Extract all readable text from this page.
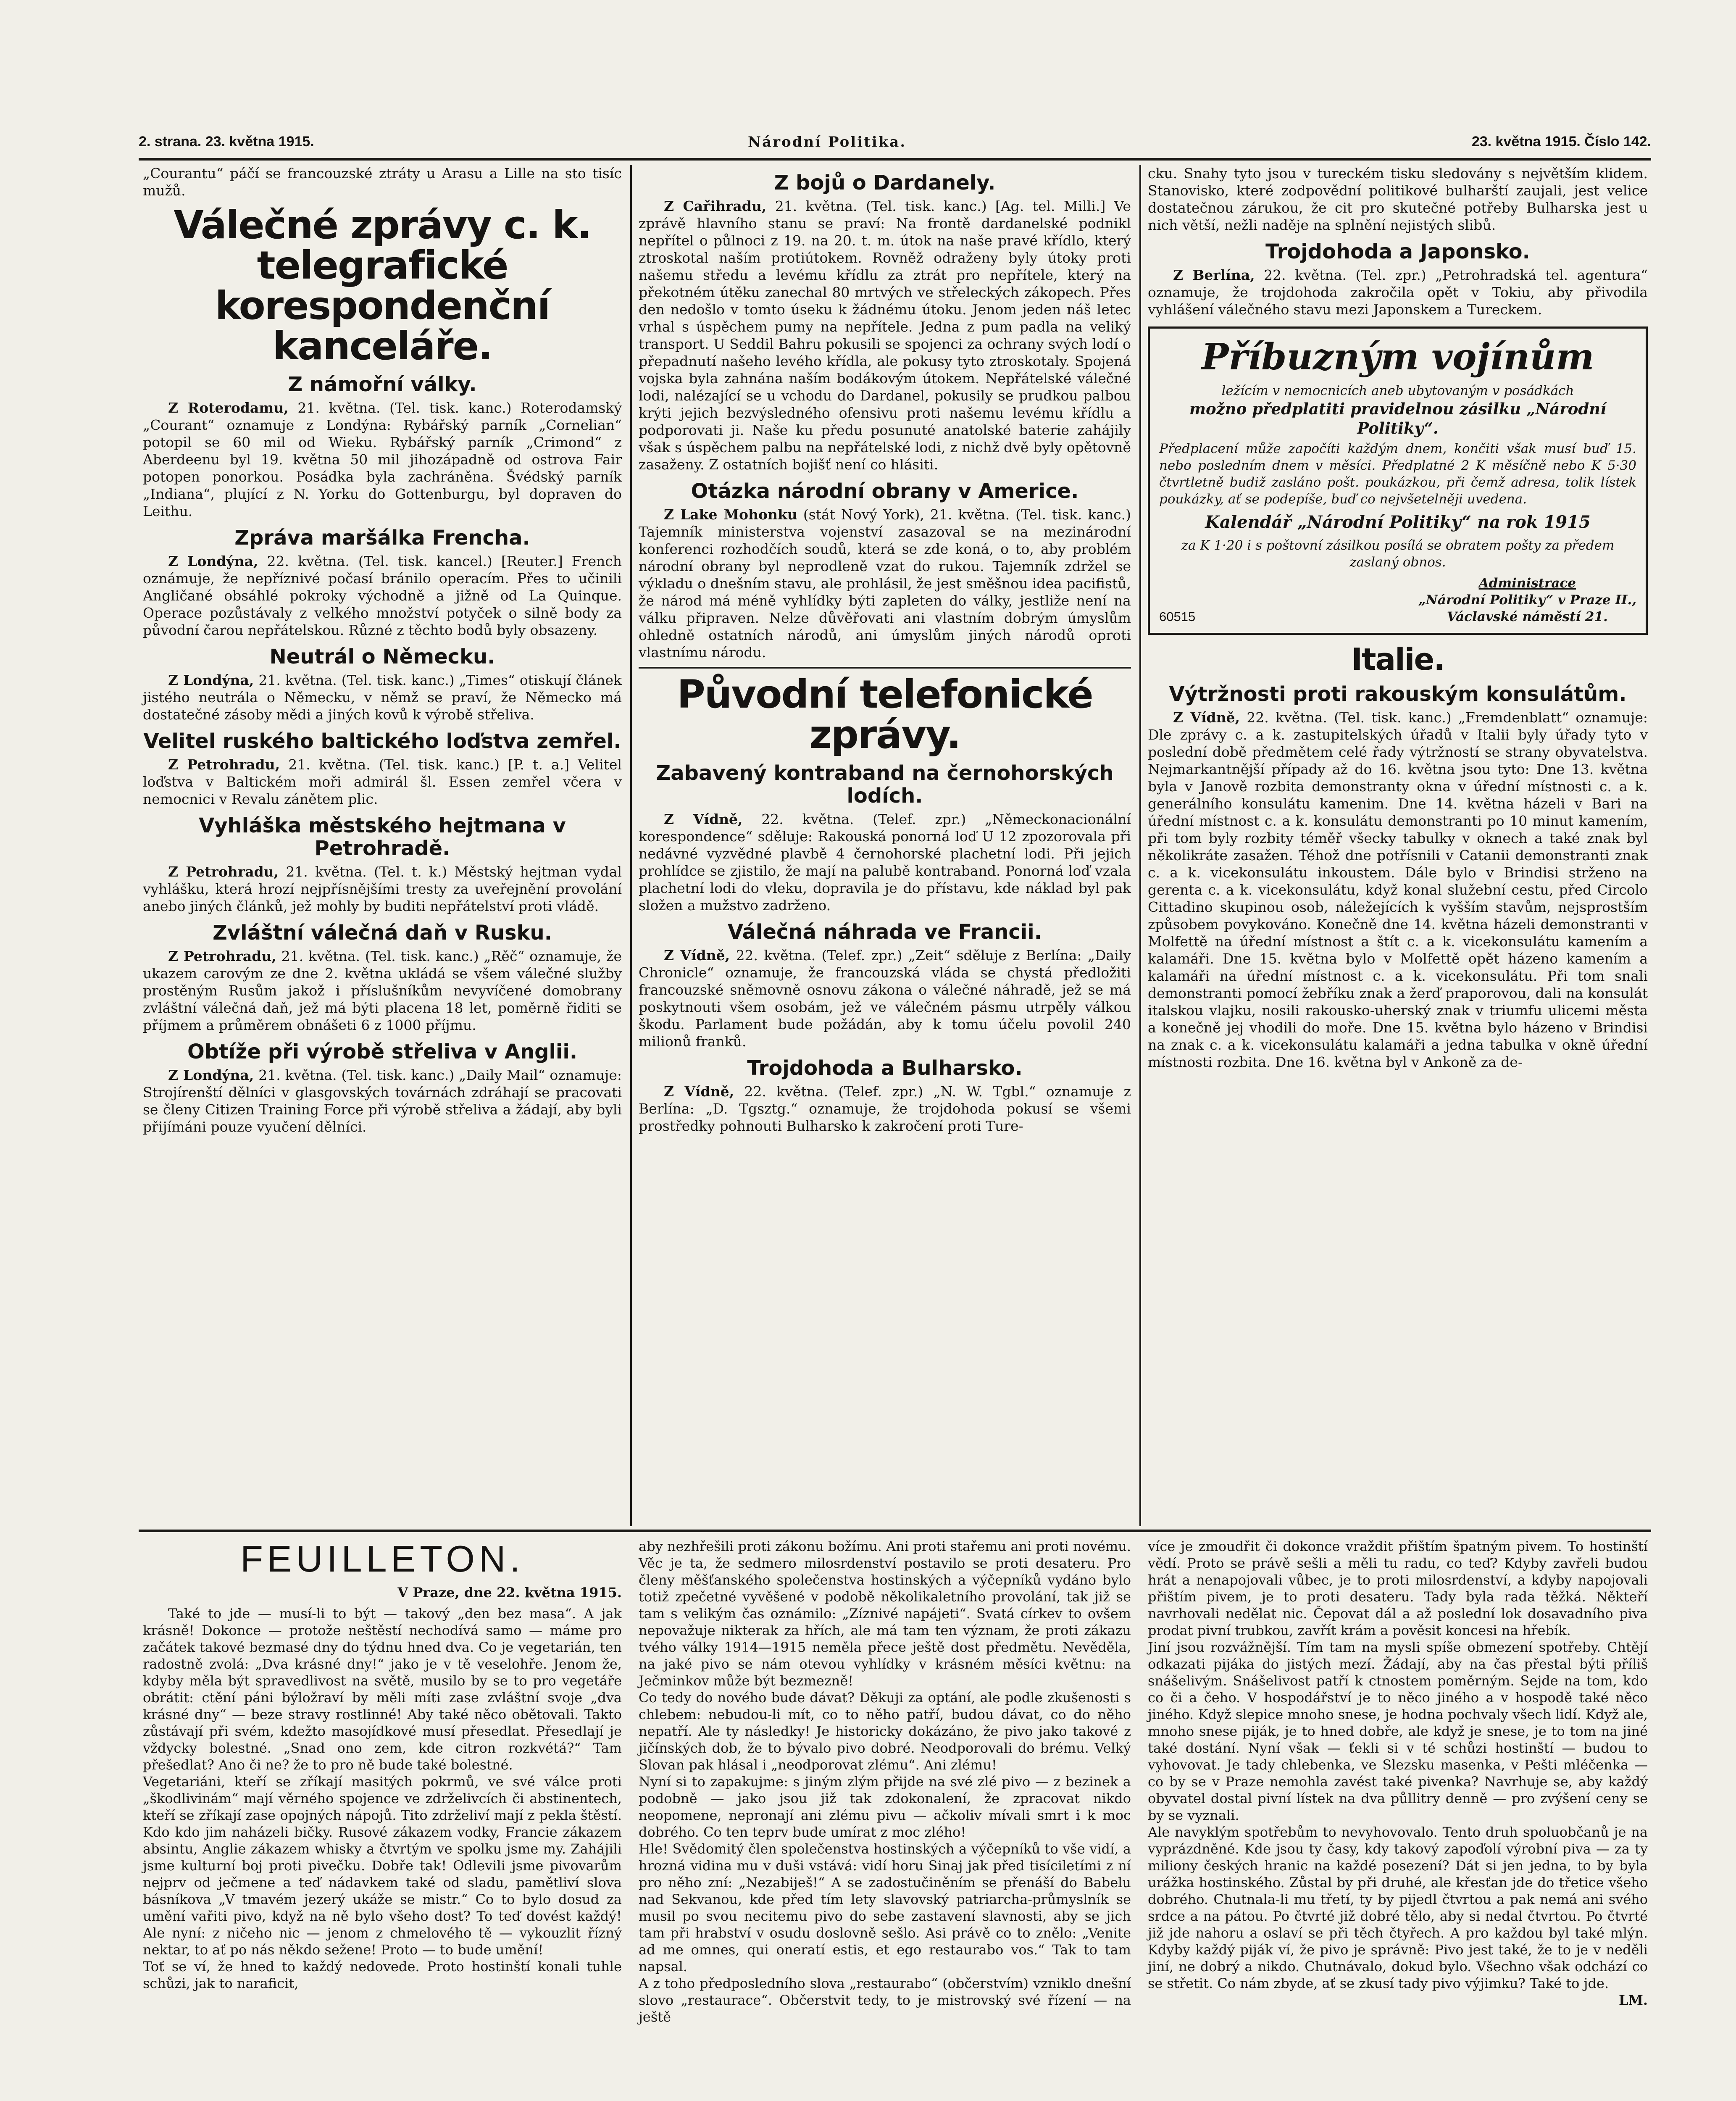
2. strana. 23. května 1915.	Národní Politika.	23. května 1915. Číslo 142.

„Courantu“ páčí se francouzské ztráty u Arasu a Lille na sto tisíc mužů.

Válečné zprávy c. k. telegrafické korespondenční kanceláře.
Z námořní války.

Z Roterodamu, 21. května. (Tel. tisk. kanc.) Roterodamský „Courant“ oznamuje z Londýna: Rybářský parník „Cornelian“ potopil se 60 mil od Wieku. Rybářský parník „Crimond“ z Aberdeenu byl 19. května 50 mil jihozápadně od ostrova Fair potopen ponorkou. Posádka byla zachráněna. Švédský parník „Indiana“, plující z N. Yorku do Gottenburgu, byl dopraven do Leithu.

Zpráva maršálka Frencha.

Z Londýna, 22. května. (Tel. tisk. kancel.) [Reuter.] French oznámuje, že nepříznivé počasí bránilo operacím. Přes to učinili Angličané obsáhlé pokroky východně a jižně od La Quinque. Operace pozůstávaly z velkého množství potyček o silně body za původní čarou nepřátelskou. Různé z těchto bodů byly obsazeny.

Neutrál o Německu.

Z Londýna, 21. května. (Tel. tisk. kanc.) „Times“ otiskují článek jistého neutrála o Německu, v němž se praví, že Německo má dostatečné zásoby mědi a jiných kovů k výrobě střeliva.

Velitel ruského baltického loďstva zemřel.

Z Petrohradu, 21. května. (Tel. tisk. kanc.) [P. t. a.] Velitel loďstva v Baltickém moři admirál šl. Essen zemřel včera v nemocnici v Revalu zánětem plic.

Vyhláška městského hejtmana v Petrohradě.

Z Petrohradu, 21. května. (Tel. t. k.) Městský hejtman vydal vyhlášku, která hrozí nejpřísnějšími tresty za uveřejnění provolání anebo jiných článků, jež mohly by buditi nepřátelství proti vládě.

Zvláštní válečná daň v Rusku.

Z Petrohradu, 21. května. (Tel. tisk. kanc.) „Rěč“ oznamuje, že ukazem carovým ze dne 2. května ukládá se všem válečné služby prostěným Rusům jakož i příslušníkům nevyvíčené domobrany zvláštní válečná daň, jež má býti placena 18 let, poměrně řiditi se příjmem a průměrem obnášeti 6 z 1000 příjmu.

Obtíže při výrobě střeliva v Anglii.

Z Londýna, 21. května. (Tel. tisk. kanc.) „Daily Mail“ oznamuje: Strojírenští dělníci v glasgovských továrnách zdráhají se pracovati se členy Citizen Training Force při výrobě střeliva a žádají, aby byli přijímáni pouze vyučení dělníci.

Z bojů o Dardanely.

Z Cařihradu, 21. května. (Tel. tisk. kanc.) [Ag. tel. Milli.] Ve zprávě hlavního stanu se praví: Na frontě dardanelské podnikl nepřítel o půlnoci z 19. na 20. t. m. útok na naše pravé křídlo, který ztroskotal naším protiútokem. Rovněž odraženy byly útoky proti našemu středu a levému křídlu za ztrát pro nepřítele, který na překotném útěku zanechal 80 mrtvých ve střeleckých zákopech. Přes den nedošlo v tomto úseku k žádnému útoku. Jenom jeden náš letec vrhal s úspěchem pumy na nepřítele. Jedna z pum padla na veliký transport. U Seddil Bahru pokusili se spojenci za ochrany svých lodí o přepadnutí našeho levého křídla, ale pokusy tyto ztroskotaly. Spojená vojska byla zahnána naším bodákovým útokem. Nepřátelské válečné lodi, nalézající se u vchodu do Dardanel, pokusily se prudkou palbou krýti jejich bezvýsledného ofensivu proti našemu levému křídlu a podporovati ji. Naše ku předu posunuté anatolské baterie zahájily však s úspěchem palbu na nepřátelské lodi, z nichž dvě byly opětovně zasaženy. Z ostatních bojišť není co hlásiti.

Otázka národní obrany v Americe.

Z Lake Mohonku (stát Nový York), 21. května. (Tel. tisk. kanc.) Tajemník ministerstva vojenství zasazoval se na mezinárodní konferenci rozhodčích soudů, která se zde koná, o to, aby problém národní obrany byl neprodleně vzat do rukou. Tajemník zdržel se výkladu o dnešním stavu, ale prohlásil, že jest směšnou idea pacifistů, že národ má méně vyhlídky býti zapleten do války, jestliže není na válku připraven. Nelze důvěřovati ani vlastním dobrým úmyslům ohledně ostatních národů, ani úmyslům jiných národů oproti vlastnímu národu.

Původní telefonické zprávy.
Zabavený kontraband na černohorských lodích.

Z Vídně, 22. května. (Telef. zpr.) „Německonacionální korespondence“ sděluje: Rakouská ponorná loď U 12 zpozorovala při nedávné vyzvědné plavbě 4 černohorské plachetní lodi. Při jejich prohlídce se zjistilo, že mají na palubě kontraband. Ponorná loď vzala plachetní lodi do vleku, dopravila je do přístavu, kde náklad byl pak složen a mužstvo zadrženo.

Válečná náhrada ve Francii.

Z Vídně, 22. května. (Telef. zpr.) „Zeit“ sděluje z Berlína: „Daily Chronicle“ oznamuje, že francouzská vláda se chystá předložiti francouzské sněmovně osnovu zákona o válečné náhradě, jež se má poskytnouti všem osobám, jež ve válečném pásmu utrpěly válkou škodu. Parlament bude požádán, aby k tomu účelu povolil 240 milionů franků.

Trojdohoda a Bulharsko.

Z Vídně, 22. května. (Telef. zpr.) „N. W. Tgbl.“ oznamuje z Berlína: „D. Tgsztg.“ oznamuje, že trojdohoda pokusí se všemi prostředky pohnouti Bulharsko k zakročení proti Ture-

cku. Snahy tyto jsou v tureckém tisku sledovány s největším klidem. Stanovisko, které zodpovědní politikové bulharští zaujali, jest velice dostatečnou zárukou, že cit pro skutečné potřeby Bulharska jest u nich větší, nežli naděje na splnění nejistých slibů.

Trojdohoda a Japonsko.

Z Berlína, 22. května. (Tel. zpr.) „Petrohradská tel. agentura“ oznamuje, že trojdohoda zakročila opět v Tokiu, aby přivodila vyhlášení válečného stavu mezi Japonskem a Tureckem.

Příbuzným vojínům
ležícím v nemocnicích aneb ubytovaným v posádkách
možno předplatiti pravidelnou zásilku „Národní Politiky“.
Předplacení může započíti každým dnem, končiti však musí buď 15. nebo posledním dnem v měsíci. Předplatné 2 K měsíčně nebo K 5·30 čtvrtletně budiž zasláno pošt. poukázkou, při čemž adresa, tolik lístek poukázky, ať se podepíše, buď co nejvšetelněji uvedena.
Kalendář „Národní Politiky“ na rok 1915
za K 1·20 i s poštovní zásilkou posílá se obratem pošty za předem zaslaný obnos.
60515
Administrace
„Národní Politiky“ v Praze II.,
Václavské náměstí 21.
Italie.
Výtržnosti proti rakouským konsulátům.

Z Vídně, 22. května. (Tel. tisk. kanc.) „Fremdenblatt“ oznamuje: Dle zprávy c. a k. zastupitelských úřadů v Italii byly úřady tyto v poslední době předmětem celé řady výtržností se strany obyvatelstva. Nejmarkantnější případy až do 16. května jsou tyto: Dne 13. května byla v Janově rozbita demonstranty okna v úřední místnosti c. a k. generálního konsulátu kamenim. Dne 14. května házeli v Bari na úřední místnost c. a k. konsulátu demonstranti po 10 minut kamením, při tom byly rozbity téměř všecky tabulky v oknech a také znak byl několikráte zasažen. Téhož dne potřísnili v Catanii demonstranti znak c. a k. vicekonsulátu inkoustem. Dále bylo v Brindisi strženo na gerenta c. a k. vicekonsulátu, když konal služební cestu, před Circolo Cittadino skupinou osob, náležejících k vyšším stavům, nejsprostším způsobem povykováno. Konečně dne 14. května házeli demonstranti v Molfettě na úřední místnost a štít c. a k. vicekonsulátu kamením a kalamáři. Dne 15. května bylo v Molfettě opět házeno kamením a kalamáři na úřední místnost c. a k. vicekonsulátu. Při tom snali demonstranti pomocí žebříku znak a žerď praporovou, dali na konsulát italskou vlajku, nosili rakousko-uherský znak v triumfu ulicemi města a konečně jej vhodili do moře. Dne 15. května bylo házeno v Brindisi na znak c. a k. vicekonsulátu kalamáři a jedna tabulka v okně úřední místnosti rozbita. Dne 16. května byl v Ankoně za de-

FEUILLETON.

V Praze, dne 22. května 1915.

Také to jde — musí-li to být — takový „den bez masa“. A jak krásně! Dokonce — protože neštěstí nechodívá samo — máme pro začátek takové bezmasé dny do týdnu hned dva. Co je vegetarián, ten radostně zvolá: „Dva krásné dny!“ jako je v tě veselohře. Jenom že, kdyby měla být spravedlivost na světě, musilo by se to pro vegetáře obrátit: ctění páni býložraví by měli míti zase zvláštní svoje „dva krásné dny“ — beze stravy rostlinné! Aby také něco obětovali. Takto zůstávají při svém, kdežto masojídkové musí přesedlat. Přesedlají je vždycky bolestné. „Snad ono zem, kde citron rozkvétá?“ Tam přešedlat? Ano či ne? že to pro ně bude také bolestné.
Vegetariáni, kteří se zříkají masitých pokrmů, ve své válce proti „škodlivinám“ mají věrného spojence ve zdrželivcích či abstinentech, kteří se zříkají zase opojných nápojů. Tito zdrželiví mají z pekla štěstí. Kdo kdo jim naházeli bičky. Rusové zákazem vodky, Francie zákazem absintu, Anglie zákazem whisky a čtvrtým ve spolku jsme my. Zahájili jsme kulturní boj proti pivečku. Dobře tak! Odlevili jsme pivovarům nejprv od ječmene a teď nádavkem také od sladu, pamětliví slova básníkova „V tmavém jezerý ukáže se mistr.“ Co to bylo dosud za umění vařiti pivo, když na ně bylo všeho dost? To teď dovést každý! Ale nyní: z ničeho nic — jenom z chmelového tě — vykouzlit řízný nektar, to ať po nás někdo sežene! Proto — to bude umění!
Toť se ví, že hned to každý nedovede. Proto hostinští konali tuhle schůzi, jak to naraficit,

aby nezhřešili proti zákonu božímu. Ani proti stařemu ani proti novému. Věc je ta, že sedmero milosrdenství postavilo se proti desateru. Pro členy měšťanského společenstva hostinských a výčepníků vydáno bylo totiž zpečetné vyvěšené v podobě několikaletního provolání, tak již se tam s velikým čas oznámilo: „Zíznivé napájeti“. Svatá církev to ovšem nepovažuje nikterak za hřích, ale má tam ten význam, že proti zákazu tvého války 1914—1915 neměla přece ještě dost předmětu. Nevěděla, na jaké pivo se nám otevou vyhlídky v krásném měsíci květnu: na Ječminkov může být bezmezně!
Co tedy do nového bude dávat? Děkuji za optání, ale podle zkušenosti s chlebem: nebudou-li mít, co to něho patří, budou dávat, co do něho nepatří. Ale ty následky! Je historicky dokázáno, že pivo jako takové z jičínských dob, že to bývalo pivo dobré. Neodporovali do brému. Velký Slovan pak hlásal i „neodporovat zlému“. Ani zlému!
Nyní si to zapakujme: s jiným zlým přijde na své zlé pivo — z bezinek a podobně — jako jsou již tak zdokonalení, že zpracovat nikdo neopomene, nepronají ani zlému pivu — ačkoliv mívali smrt i k moc dobrého. Co ten teprv bude umírat z moc zlého!
Hle! Svědomitý člen společenstva hostinských a výčepníků to vše vidí, a hrozná vidina mu v duši vstává: vidí horu Sinaj jak před tisíciletími z ní pro něho zní: „Nezabiješ!“ A se zadostučiněním se přenáší do Babelu nad Sekvanou, kde před tím lety slavovský patriarcha-průmyslník se musil po svou necitemu pivo do sebe zastavení slavnosti, aby se jich tam při hrabství v osudu doslovně sešlo. Asi právě co to znělo: „Venite ad me omnes, qui oneratí estis, et ego restaurabo vos.“ Tak to tam napsal.
A z toho předposledního slova „restaurabo“ (občerstvím) vzniklo dnešní slovo „restaurace“. Občerstvit tedy, to je mistrovský své řízení — na ještě

více je zmoudřit či dokonce vraždit přištím špatným pivem. To hostinští vědí. Proto se právě sešli a měli tu radu, co teď? Kdyby zavřeli budou hrát a nenapojovali vůbec, je to proti milosrdenství, a kdyby napojovali přištím pivem, je to proti desateru. Tady byla rada těžká. Někteří navrhovali nedělat nic. Čepovat dál a až poslední lok dosavadního piva prodat pivní trubkou, zavřít krám a pověsit koncesi na hřebík.
Jiní jsou rozvážnější. Tím tam na mysli spíše obmezení spotřeby. Chtějí odkazati pijáka do jistých mezí. Žádají, aby na čas přestal býti příliš snášelivým. Snášelivost patří k ctnostem poměrným. Sejde na tom, kdo co či a čeho. V hospodářství je to něco jiného a v hospodě také něco jiného. Když slepice mnoho snese, je hodna pochvaly všech lidí. Když ale, mnoho snese piják, je to hned dobře, ale když je snese, je to tom na jiné také dostání. Nyní však — ťekli si v té schůzi hostinští — budou to vyhovovat. Je tady chlebenka, ve Slezsku masenka, v Pešti mléčenka — co by se v Praze nemohla zavést také pivenka? Navrhuje se, aby každý obyvatel dostal pivní lístek na dva půllitry denně — pro zvýšení ceny se by se vyznali.
Ale navyklým spotřebům to nevyhovovalo. Tento druh spoluobčanů je na vyprázdněné. Kde jsou ty časy, kdy takový zapoďolí výrobní piva — za ty miliony českých hranic na každé posezení? Dát si jen jedna, to by byla urážka hostinského. Zůstal by při druhé, ale křesťan jde do třetice všeho dobrého. Chutnala-li mu třetí, ty by pijedl čtvrtou a pak nemá ani svého srdce a na pátou. Po čtvrté již dobré tělo, aby si nedal čtvrtou. Po čtvrté již jde nahoru a oslaví se při těch čtyřech. A pro každou byl také mlýn. Kdyby každý piják ví, že pivo je správně: Pivo jest také, že to je v neděli jiní, ne dobrý a nikdo. Chutnávalo, dokud bylo. Všechno však odchází co se střetit. Co nám zbyde, ať se zkusí tady pivo výjimku? Také to jde.

LM.
